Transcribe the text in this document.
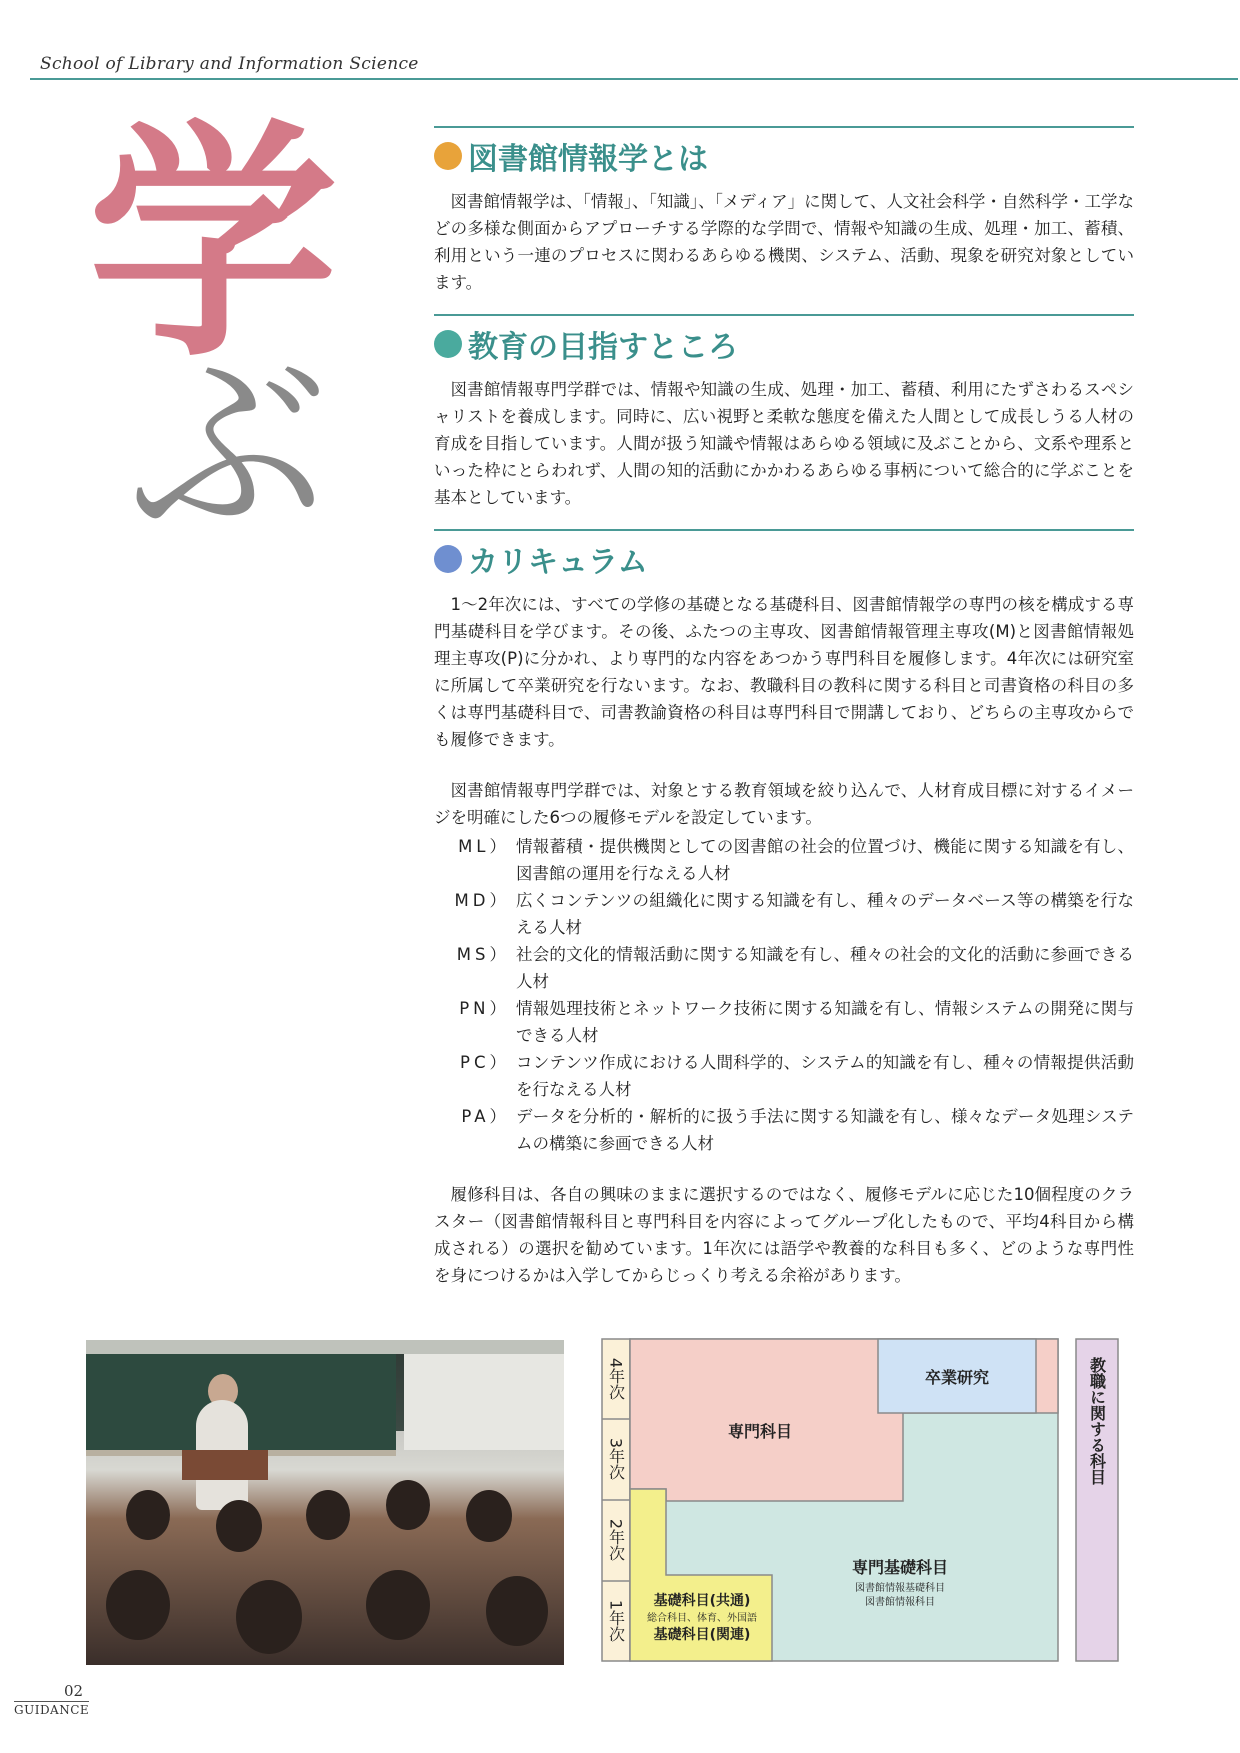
School of Library and Information Science
学
ぶ
図書館情報学とは

図書館情報学は、「情報」、「知識」、「メディア」に関して、人文社会科学・自然科学・工学などの多様な側面からアプローチする学際的な学問で、情報や知識の生成、処理・加工、蓄積、利用という一連のプロセスに関わるあらゆる機関、システム、活動、現象を研究対象としています。

教育の目指すところ

図書館情報専門学群では、情報や知識の生成、処理・加工、蓄積、利用にたずさわるスペシャリストを養成します。同時に、広い視野と柔軟な態度を備えた人間として成長しうる人材の育成を目指しています。人間が扱う知識や情報はあらゆる領域に及ぶことから、文系や理系といった枠にとらわれず、人間の知的活動にかかわるあらゆる事柄について総合的に学ぶことを基本としています。

カリキュラム

1～2年次には、すべての学修の基礎となる基礎科目、図書館情報学の専門の核を構成する専門基礎科目を学びます。その後、ふたつの主専攻、図書館情報管理主専攻(M)と図書館情報処理主専攻(P)に分かれ、より専門的な内容をあつかう専門科目を履修します。4年次には研究室に所属して卒業研究を行ないます。なお、教職科目の教科に関する科目と司書資格の科目の多くは専門基礎科目で、司書教諭資格の科目は専門科目で開講しており、どちらの主専攻からでも履修できます。

図書館情報専門学群では、対象とする教育領域を絞り込んで、人材育成目標に対するイメージを明確にした6つの履修モデルを設定しています。

ML） 情報蓄積・提供機関としての図書館の社会的位置づけ、機能に関する知識を有し、図書館の運用を行なえる人材
MD） 広くコンテンツの組織化に関する知識を有し、種々のデータベース等の構築を行なえる人材
MS） 社会的文化的情報活動に関する知識を有し、種々の社会的文化的活動に参画できる人材
PN） 情報処理技術とネットワーク技術に関する知識を有し、情報システムの開発に関与できる人材
PC） コンテンツ作成における人間科学的、システム的知識を有し、種々の情報提供活動を行なえる人材
PA） データを分析的・解析的に扱う手法に関する知識を有し、様々なデータ処理システムの構築に参画できる人材

履修科目は、各自の興味のままに選択するのではなく、履修モデルに応じた10個程度のクラスター（図書館情報科目と専門科目を内容によってグループ化したもので、平均4科目から構成される）の選択を勧めています。1年次には語学や教養的な科目も多く、どのような専門性を身につけるかは入学してからじっくり考える余裕があります。

4年次
3年次
2年次
1年次
卒業研究
専門科目
専門基礎科目
図書館情報基礎科目
図書館情報科目
基礎科目(共通)
総合科目、体育、外国語
基礎科目(関連)
教職に関する科目
02
GUIDANCE
